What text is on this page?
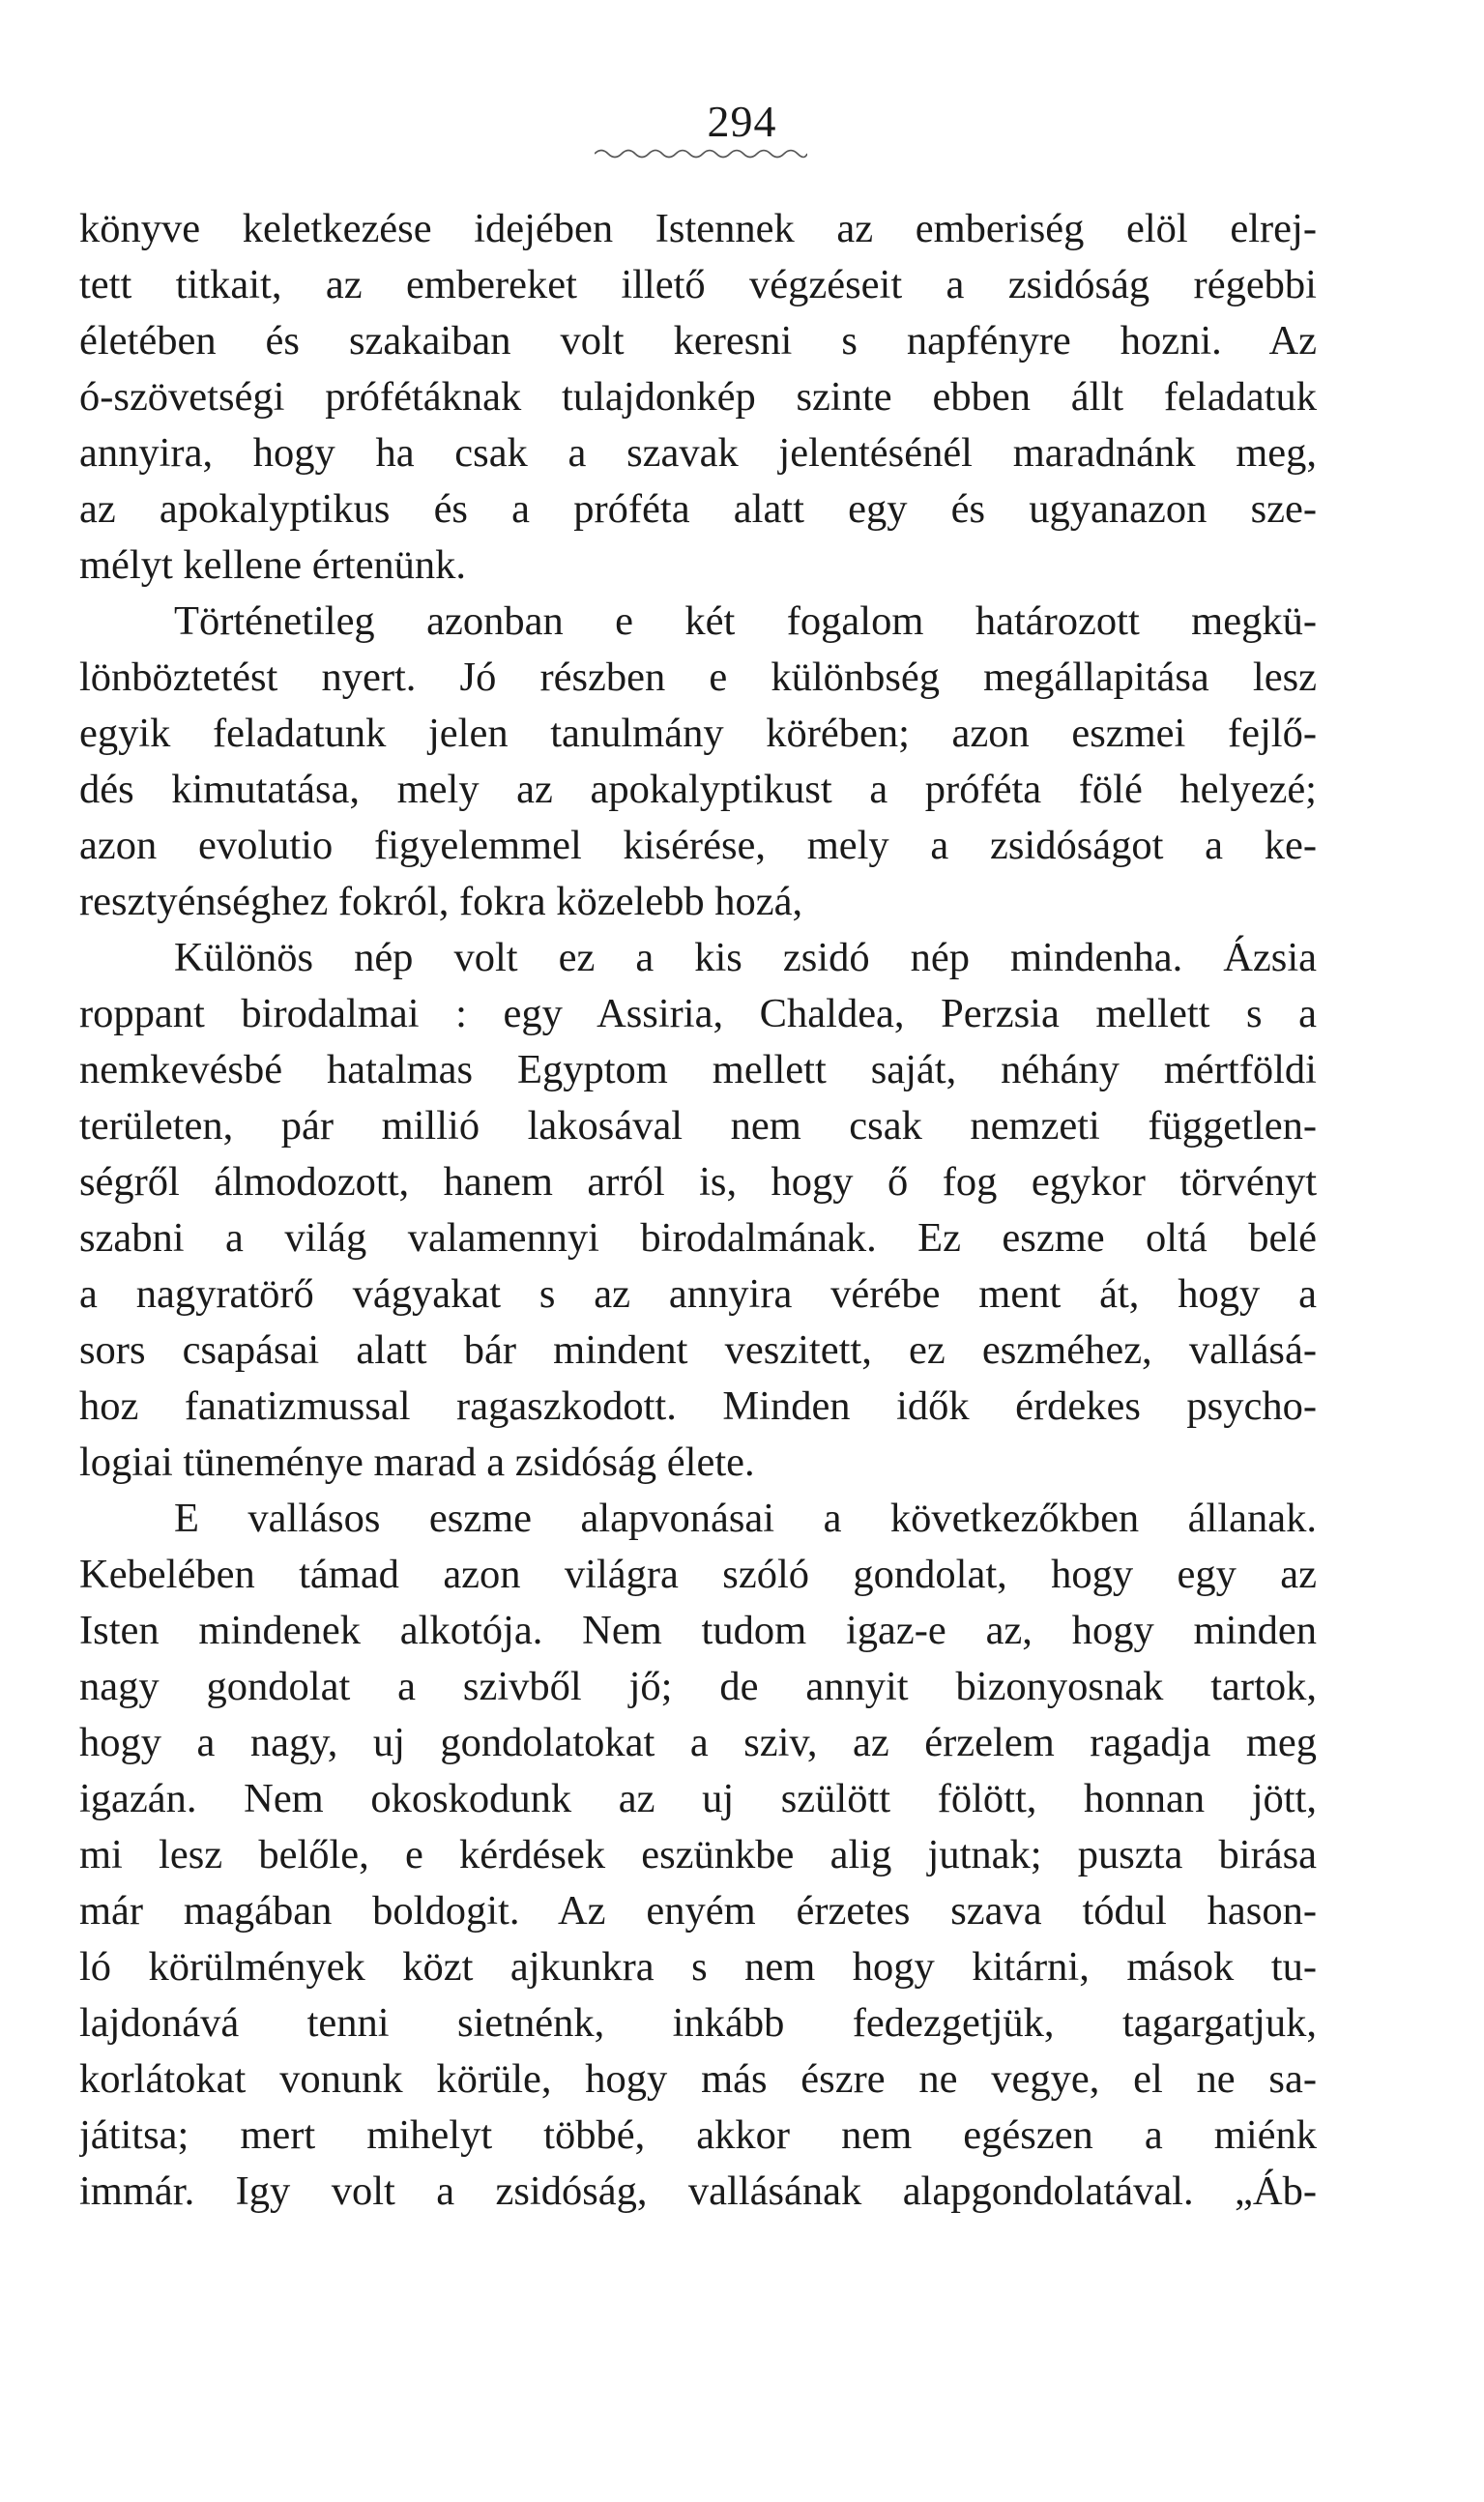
294
könyve keletkezése idejében Istennek az emberiség elöl elrej-
tett titkait, az embereket illető végzéseit a zsidóság régebbi
életében és szakaiban volt keresni s napfényre hozni. Az
ó-szövetségi prófétáknak tulajdonkép szinte ebben állt feladatuk
annyira, hogy ha csak a szavak jelentésénél maradnánk meg,
az apokalyptikus és a próféta alatt egy és ugyanazon sze-
mélyt kellene értenünk.
Történetileg azonban e két fogalom határozott megkü-
lönböztetést nyert. Jó részben e különbség megállapitása lesz
egyik feladatunk jelen tanulmány körében; azon eszmei fejlő-
dés kimutatása, mely az apokalyptikust a próféta fölé helyezé;
azon evolutio figyelemmel kisérése, mely a zsidóságot a ke-
resztyénséghez fokról, fokra közelebb hozá,
Különös nép volt ez a kis zsidó nép mindenha. Ázsia
roppant birodalmai : egy Assiria, Chaldea, Perzsia mellett s a
nemkevésbé hatalmas Egyptom mellett saját, néhány mértföldi
területen, pár millió lakosával nem csak nemzeti független-
ségről álmodozott, hanem arról is, hogy ő fog egykor törvényt
szabni a világ valamennyi birodalmának. Ez eszme oltá belé
a nagyratörő vágyakat s az annyira vérébe ment át, hogy a
sors csapásai alatt bár mindent veszitett, ez eszméhez, vallásá-
hoz fanatizmussal ragaszkodott. Minden idők érdekes psycho-
logiai tüneménye marad a zsidóság élete.
E vallásos eszme alapvonásai a következőkben állanak.
Kebelében támad azon világra szóló gondolat, hogy egy az
Isten mindenek alkotója. Nem tudom igaz-e az, hogy minden
nagy gondolat a szivből jő; de annyit bizonyosnak tartok,
hogy a nagy, uj gondolatokat a sziv, az érzelem ragadja meg
igazán. Nem okoskodunk az uj szülött fölött, honnan jött,
mi lesz belőle, e kérdések eszünkbe alig jutnak; puszta birása
már magában boldogit. Az enyém érzetes szava tódul hason-
ló körülmények közt ajkunkra s nem hogy kitárni, mások tu-
lajdonává tenni sietnénk, inkább fedezgetjük, tagargatjuk,
korlátokat vonunk körüle, hogy más észre ne vegye, el ne sa-
játitsa; mert mihelyt többé, akkor nem egészen a miénk
immár. Igy volt a zsidóság, vallásának alapgondolatával. „Áb-
